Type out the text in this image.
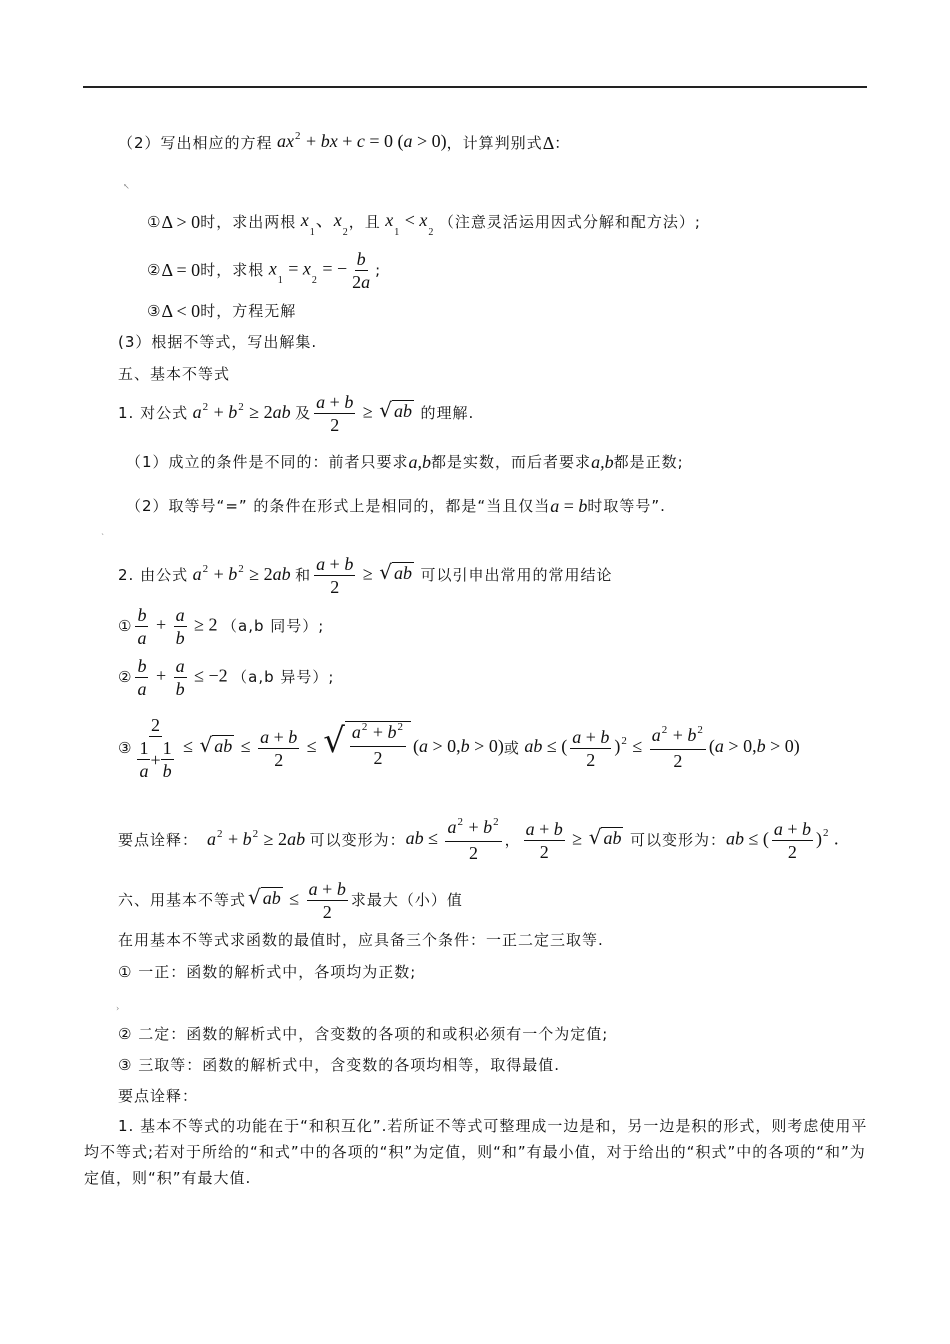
（2）写出相应的方程 $ax^2$ + bx + c = 0 (a > 0) ，计算判别式 Δ ：
↖
① Δ > 0 时，求出两根 $x_1$、$x_2$
，且 $x_1 < x_2$
（注意灵活运用因式分解和配方法）;
② Δ = 0 时，求根 $x_1 = x_2$ = − $\frac{b}{2a}$ ;
③ Δ < 0 时，方程无解
(3）根据不等式，写出解集.
五、基本不等式
1. 对公式 $a^2 + b^2 \ge 2ab$ 及 $\frac{a + b}{2}$ ≥ √ ab
的理解.
（1）成立的条件是不同的：前者只要求 a,b 都是实数，而后者要求 a,b 都是正数;
（2）取等号“=” 的条件在形式上是相同的，都是“当且仅当 a = b 时取等号”.
ˋ
2. 由公式 $a^2 + b^2 \ge 2ab$ 和 $\frac{a + b}{2}$ ≥ √ ab
可以引申出常用的常用结论
① $\frac{b}{a} + \frac{a}{b} \ge 2$ （a,b 同号）;
② $\frac{b}{a} + \frac{a}{b} \le -2$ （a,b 异号）;
③ $\frac{2}{\frac{1}{a} + \frac{1}{b}}$ ≤ √ ab ≤ $\frac{a + b}{2}$ ≤ √ $\frac{a^2 + b^2}{2} (a > 0,b > 0)$ 或 ab ≤ ( $\frac{a + b}{2} )^2 \le \frac{a^2 + b^2}{2} (a > 0,b > 0)$
要点诠释： $a^2 + b^2 \ge 2ab$ 可以变形为： ab ≤ $\frac{a^2 + b^2}{2}$ ， $\frac{a + b}{2}$ ≥ √ ab
可以变形为： ab ≤ ( $\frac{a + b}{2} )^2$ .
六、用基本不等式 √ ab ≤ $\frac{a + b}{2}$ 求最大（小）值
在用基本不等式求函数的最值时，应具备三个条件：一正二定三取等.
① 一正：函数的解析式中，各项均为正数;
›
② 二定：函数的解析式中，含变数的各项的和或积必须有一个为定值;
③ 三取等：函数的解析式中，含变数的各项均相等，取得最值.
要点诠释：
1. 基本不等式的功能在于“和积互化”.若所证不等式可整理成一边是和，另一边是积的形式，则考虑使用平均不等式;若对于所给的“和式”中的各项的“积”为定值，则“和”有最小值，对于给出的“积式”中的各项的“和”为定值，则“积”有最大值.
